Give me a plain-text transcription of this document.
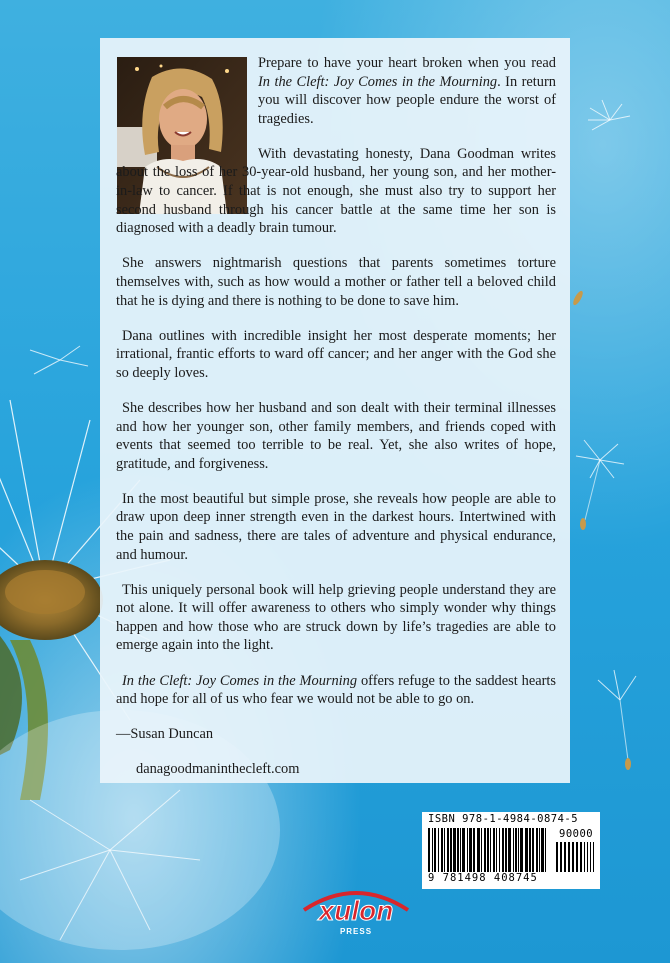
Prepare to have your heart broken when you read In the Cleft: Joy Comes in the Mourning. In return you will discover how people endure the worst of tragedies.

With devastating honesty, Dana Goodman writes about the loss of her 30-year-old husband, her young son, and her mother-in-law to cancer. If that is not enough, she must also try to support her second husband through his cancer battle at the same time her son is diagnosed with a deadly brain tumour.

She answers nightmarish questions that parents sometimes torture themselves with, such as how would a mother or father tell a beloved child that he is dying and there is nothing to be done to save him.

Dana outlines with incredible insight her most desperate moments; her irrational, frantic efforts to ward off cancer; and her anger with the God she so deeply loves.

She describes how her husband and son dealt with their terminal illnesses and how her younger son, other family members, and friends coped with events that seemed too terrible to be real. Yet, she also writes of hope, gratitude, and forgiveness.

In the most beautiful but simple prose, she reveals how people are able to draw upon deep inner strength even in the darkest hours. Intertwined with the pain and sadness, there are tales of adventure and physical endurance, and humour.

This uniquely personal book will help grieving people understand they are not alone. It will offer awareness to others who simply wonder why things happen and how those who are struck down by life’s tragedies are able to emerge again into the light.

In the Cleft: Joy Comes in the Mourning offers refuge to the saddest hearts and hope for all of us who fear we would not be able to go on.

—Susan Duncan

danagoodmaninthecleft.com

ISBN 978-1-4984-0874-5
90000
9 781498 408745
xulon
PRESS
